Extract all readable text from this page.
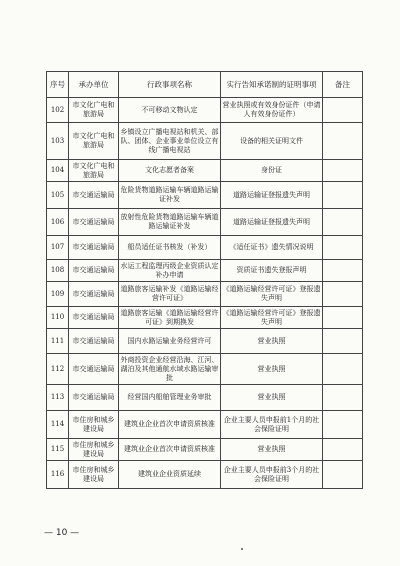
序号	承办单位	行政事项名称	实行告知承诺制的证明事项	备注
102	市文化广电和旅游局	不可移动文物认定	营业执照或有效身份证件（申请人有效身份证件）	
103	市文化广电和旅游局	乡镇设立广播电视站和机关、部队、团体、企业事业单位设立有线广播电视站	设备的相关证明文件	
104	市文化广电和旅游局	文化志愿者备案	身份证	
105	市交通运输局	危险货物道路运输车辆道路运输证补发	道路运输证登报遗失声明	
106	市交通运输局	放射性危险货物道路运输车辆道路运输证补发	道路运输证登报遗失声明	
107	市交通运输局	船员适任证书核发（补发）	《适任证书》遗失情况说明	
108	市交通运输局	水运工程监理丙级企业资质认定补办申请	资质证书遗失登报声明	
109	市交通运输局	道路旅客运输补发《道路运输经营许可证》	《道路运输经营许可证》登报遗失声明	
110	市交通运输局	道路旅客运输《道路运输经营许可证》到期换发	《道路运输经营许可证》登报遗失声明	
111	市交通运输局	国内水路运输业务经营许可	营业执照	
112	市交通运输局	外商投资企业经营沿海、江河、湖泊及其他通航水域水路运输审批	营业执照	
113	市交通运输局	经营国内船舶管理业务审批	营业执照	
114	市住房和城乡建设局	建筑业企业首次申请资质核准	企业主要人员申报前1个月的社会保险证明	
115	市住房和城乡建设局	建筑业企业首次申请资质核准	营业执照	
116	市住房和城乡建设局	建筑业企业资质延续	企业主要人员申报前3个月的社会保险证明	
— 10 —
